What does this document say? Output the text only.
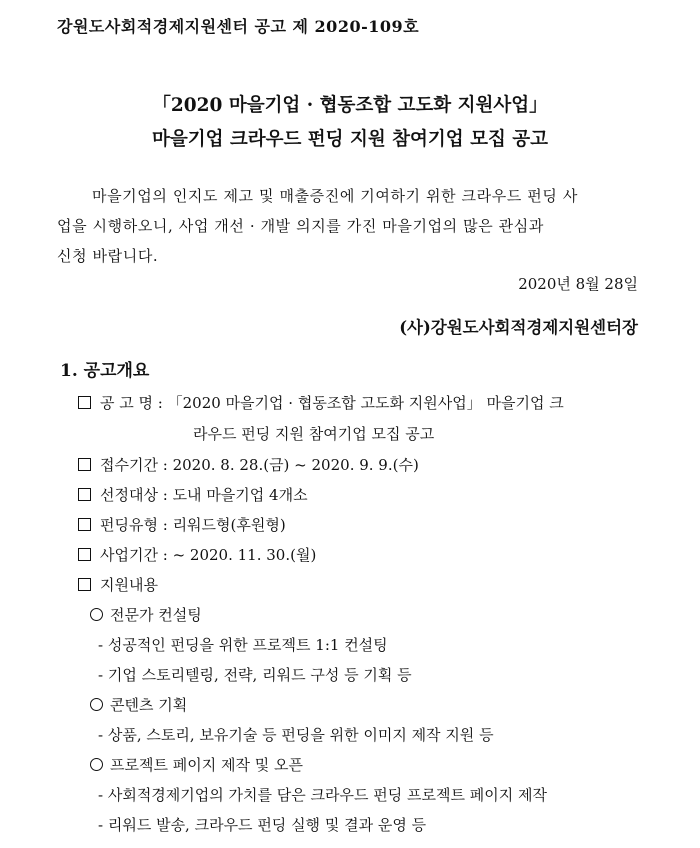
강원도사회적경제지원센터 공고 제 2020-109호
「2020 마을기업 · 협동조합 고도화 지원사업」
마을기업 크라우드 펀딩 지원 참여기업 모집 공고
마을기업의 인지도 제고 및 매출증진에 기여하기 위한 크라우드 펀딩 사
업을 시행하오니, 사업 개선 · 개발 의지를 가진 마을기업의 많은 관심과
신청 바랍니다.
2020년 8월 28일
(사)강원도사회적경제지원센터장
1. 공고개요
공 고 명 : 「2020 마을기업 · 협동조합 고도화 지원사업」 마을기업 크
라우드 펀딩 지원 참여기업 모집 공고
접수기간 : 2020. 8. 28.(금) ~ 2020. 9. 9.(수)
선정대상 : 도내 마을기업 4개소
펀딩유형 : 리워드형(후원형)
사업기간 : ~ 2020. 11. 30.(월)
지원내용
전문가 컨설팅
- 성공적인 펀딩을 위한 프로젝트 1:1 컨설팅
- 기업 스토리텔링, 전략, 리워드 구성 등 기획 등
콘텐츠 기획
- 상품, 스토리, 보유기술 등 펀딩을 위한 이미지 제작 지원 등
프로젝트 페이지 제작 및 오픈
- 사회적경제기업의 가치를 담은 크라우드 펀딩 프로젝트 페이지 제작
- 리워드 발송, 크라우드 펀딩 실행 및 결과 운영 등
